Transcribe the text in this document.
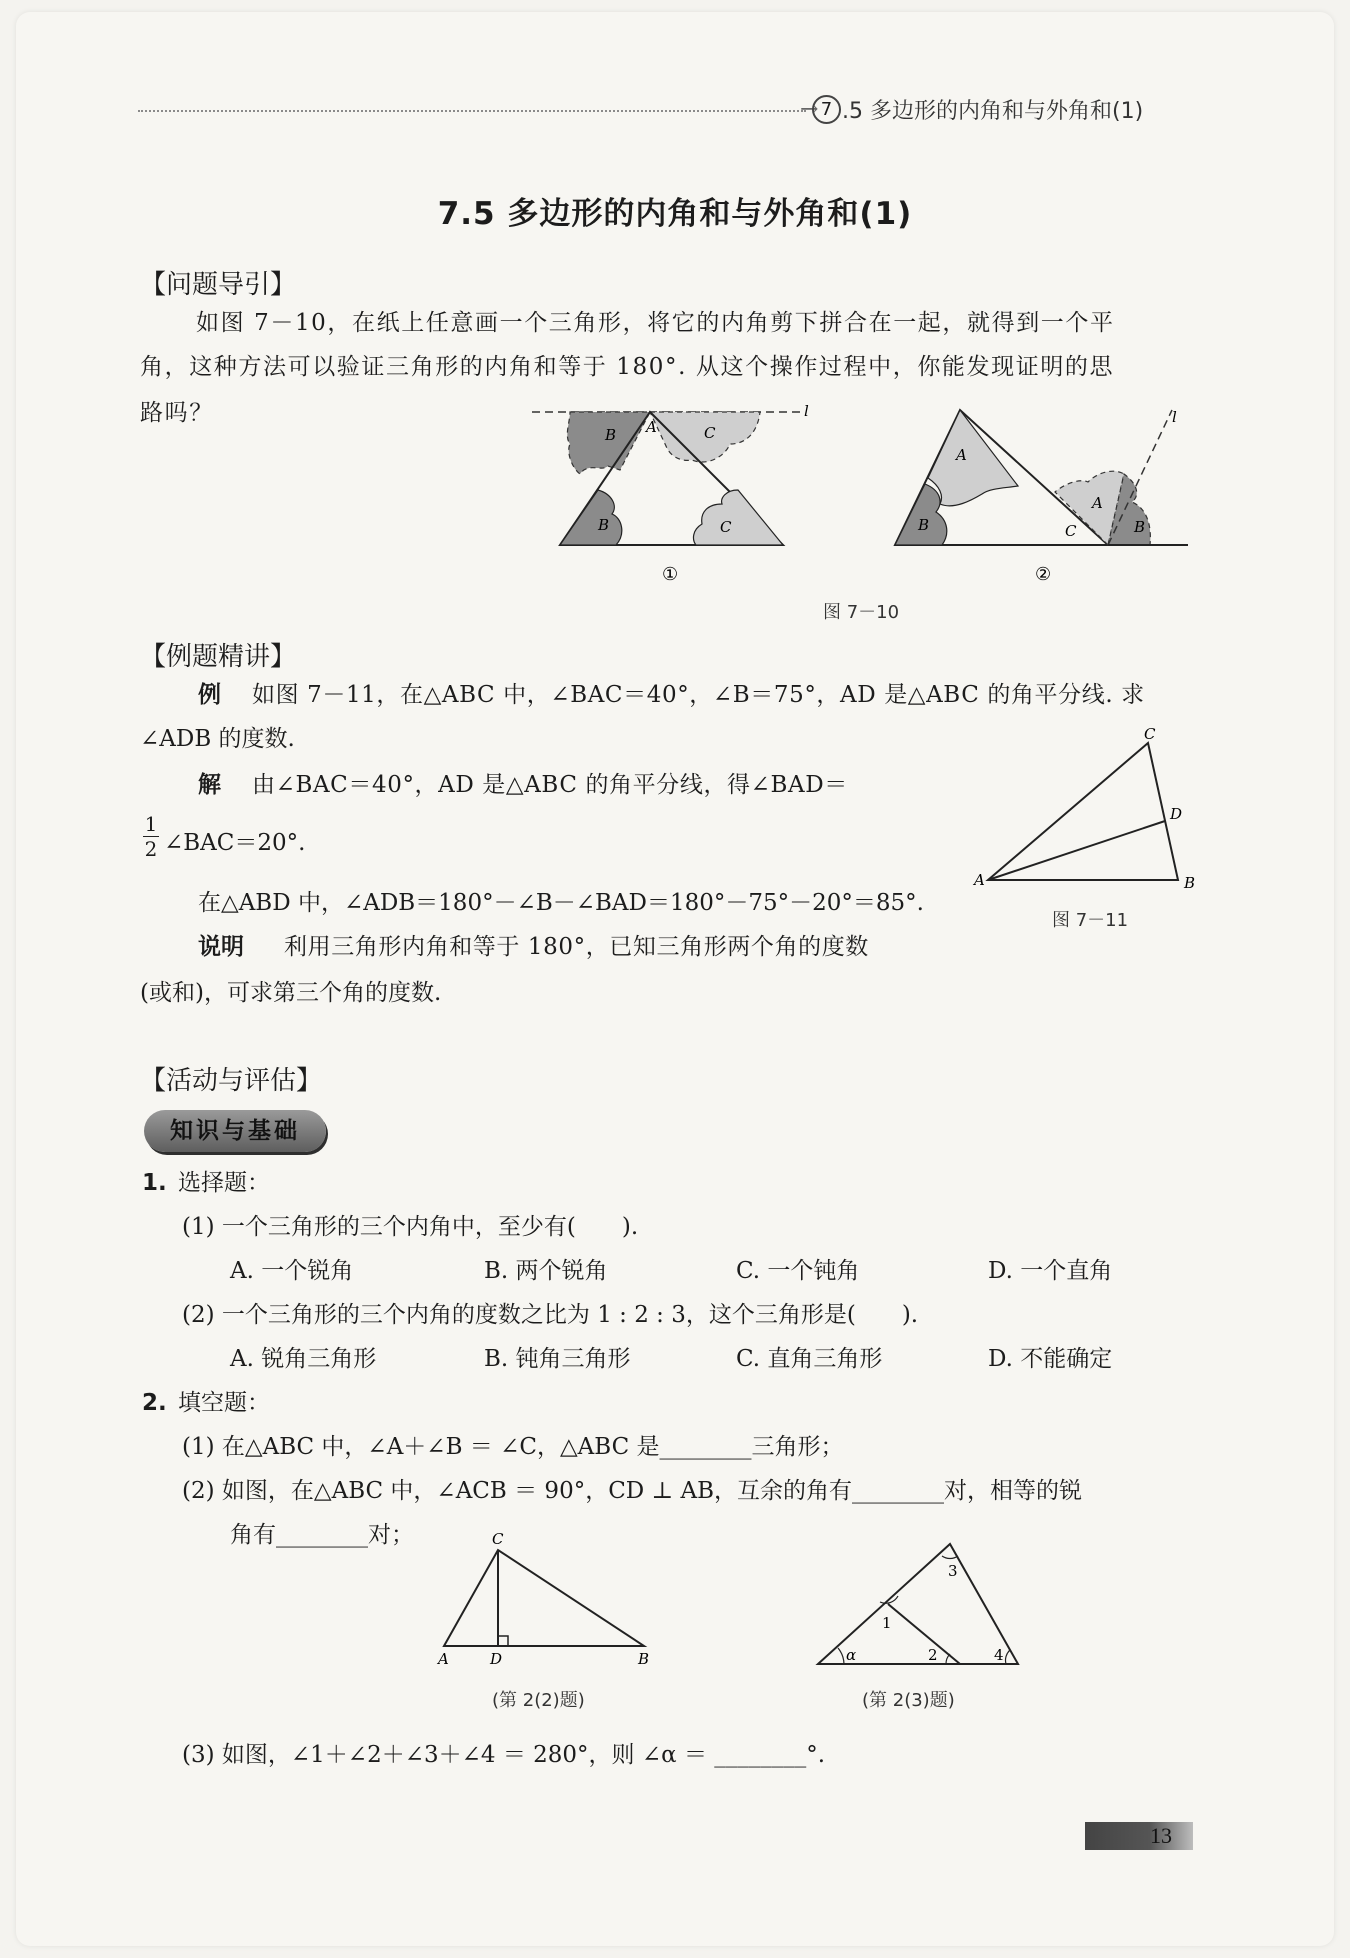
→ 7 .5 多边形的内角和与外角和(1)
7.5 多边形的内角和与外角和(1)
【问题导引】
如图 7－10，在纸上任意画一个三角形，将它的内角剪下拼合在一起，就得到一个平
角，这种方法可以验证三角形的内角和等于 180°. 从这个操作过程中，你能发现证明的思
路吗？	l
B A	C
B	C
①
l
A
B	C
A
B
②
图 7－10
【例题精讲】
例 如图 7－11，在△ABC 中，∠BAC＝40°，∠B＝75°，AD 是△ABC 的角平分线. 求
∠ADB 的度数.
解 由∠BAC＝40°，AD 是△ABC 的角平分线，得∠BAD＝
1
2 ∠BAC＝20°.
在△ABD 中，∠ADB＝180°－∠B－∠BAD＝180°－75°－20°＝85°.
说明 利用三角形内角和等于 180°，已知三角形两个角的度数
(或和)，可求第三个角的度数.
A	B
C
D
图 7－11
【活动与评估】
知识与基础
1. 选择题：
(1) 一个三角形的三个内角中，至少有(　　).
A. 一个锐角	B. 两个锐角	C. 一个钝角	D. 一个直角
(2) 一个三角形的三个内角的度数之比为 1 : 2 : 3，这个三角形是(　　).
A. 锐角三角形	B. 钝角三角形	C. 直角三角形	D. 不能确定
2. 填空题：
(1) 在△ABC 中，∠A＋∠B ＝ ∠C，△ABC 是________三角形；
(2) 如图，在△ABC 中，∠ACB ＝ 90°，CD ⊥ AB，互余的角有________对，相等的锐
角有________对；
A	D	B
C
(第 2(2)题)
α
1
2
3
4
(第 2(3)题)
(3) 如图，∠1＋∠2＋∠3＋∠4 ＝ 280°，则 ∠α ＝ ________°.
13
